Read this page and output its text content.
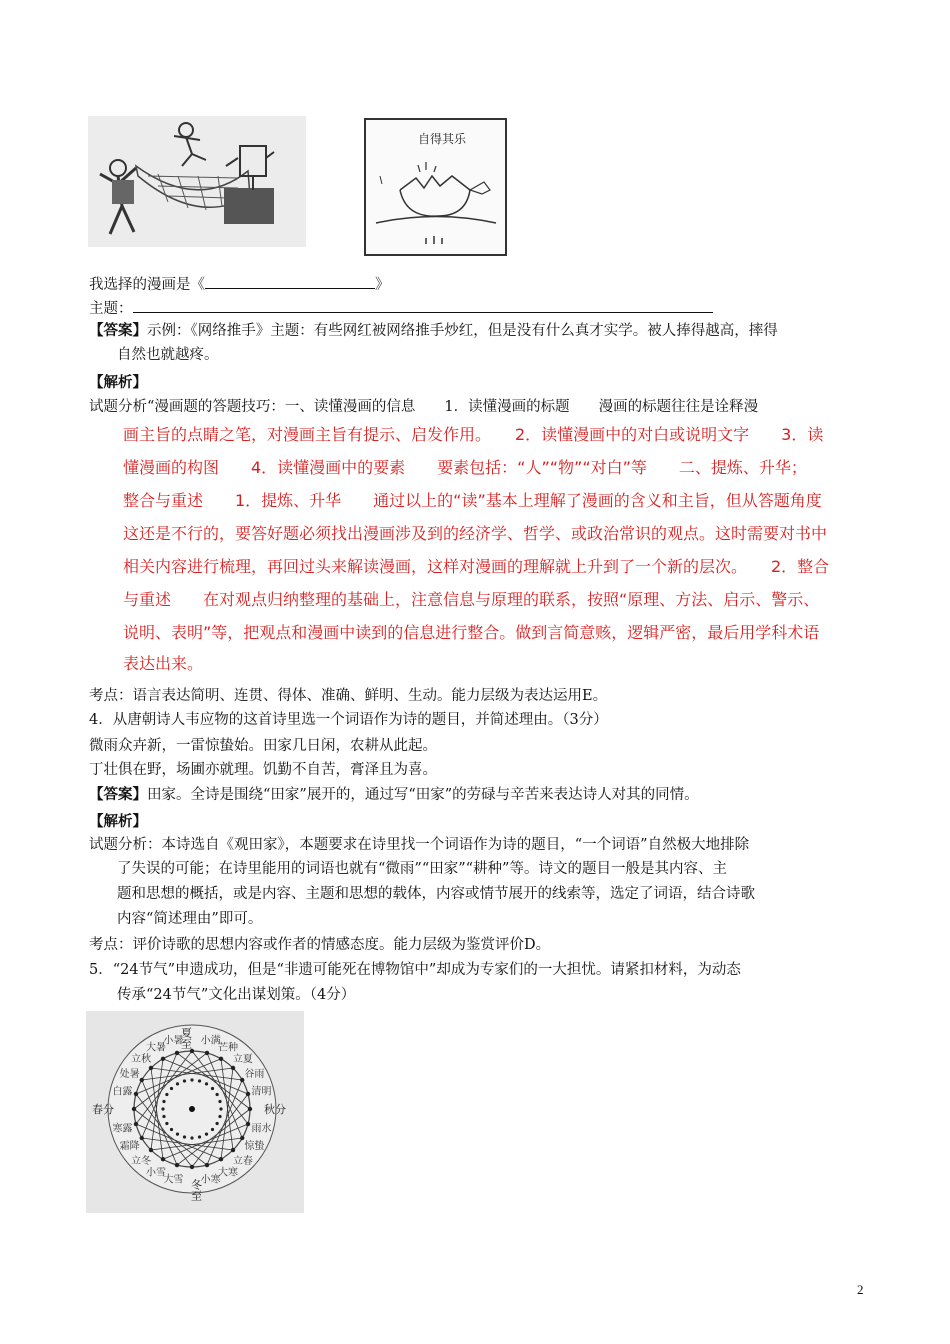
自得其乐
我选择的漫画是《	》
主题：
【答案】示例：《网络推手》主题：有些网红被网络推手炒红，但是没有什么真才实学。被人捧得越高，摔得
自然也就越疼。
【解析】
试题分析“漫画题的答题技巧：一、读懂漫画的信息　　1．读懂漫画的标题　　漫画的标题往往是诠释漫
画主旨的点睛之笔，对漫画主旨有提示、启发作用。　　2．读懂漫画中的对白或说明文字　　3．读
懂漫画的构图　　4．读懂漫画中的要素　　要素包括：“人”“物”“对白”等　　二、提炼、升华；
整合与重述　　1．提炼、升华　　通过以上的“读”基本上理解了漫画的含义和主旨，但从答题角度
这还是不行的，要答好题必须找出漫画涉及到的经济学、哲学、或政治常识的观点。这时需要对书中
相关内容进行梳理，再回过头来解读漫画，这样对漫画的理解就上升到了一个新的层次。　　2．整合
与重述　　在对观点归纳整理的基础上，注意信息与原理的联系，按照“原理、方法、启示、警示、
说明、表明”等，把观点和漫画中读到的信息进行整合。做到言简意赅，逻辑严密，最后用学科术语
表达出来。
考点：语言表达简明、连贯、得体、准确、鲜明、生动。能力层级为表达运用E。
4．从唐朝诗人韦应物的这首诗里选一个词语作为诗的题目，并简述理由。（3分）
微雨众卉新，一雷惊蛰始。田家几日闲，农耕从此起。
丁壮俱在野，场圃亦就理。饥勤不自苦，膏泽且为喜。
【答案】田家。全诗是围绕“田家”展开的，通过写“田家”的劳碌与辛苦来表达诗人对其的同情。
【解析】
试题分析：本诗选自《观田家》，本题要求在诗里找一个词语作为诗的题目，“一个词语”自然极大地排除
了失误的可能；在诗里能用的词语也就有“微雨”“田家”“耕种”等。诗文的题目一般是其内容、主
题和思想的概括，或是内容、主题和思想的载体，内容或情节展开的线索等，选定了词语，结合诗歌
内容“简述理由”即可。
考点：评价诗歌的思想内容或作者的情感态度。能力层级为鉴赏评价D。
5．“24节气”申遗成功，但是“非遗可能死在博物馆中”却成为专家们的一大担忧。请紧扣材料，为动态
传承“24节气”文化出谋划策。（4分）
夏至
冬至
春分	秋分
小满
芒种
立夏
谷雨
清明
雨水
惊蛰
立春
大寒
小寒
大雪
小雪
立冬
霜降
寒露
白露
处暑
立秋
大暑
小暑
2
